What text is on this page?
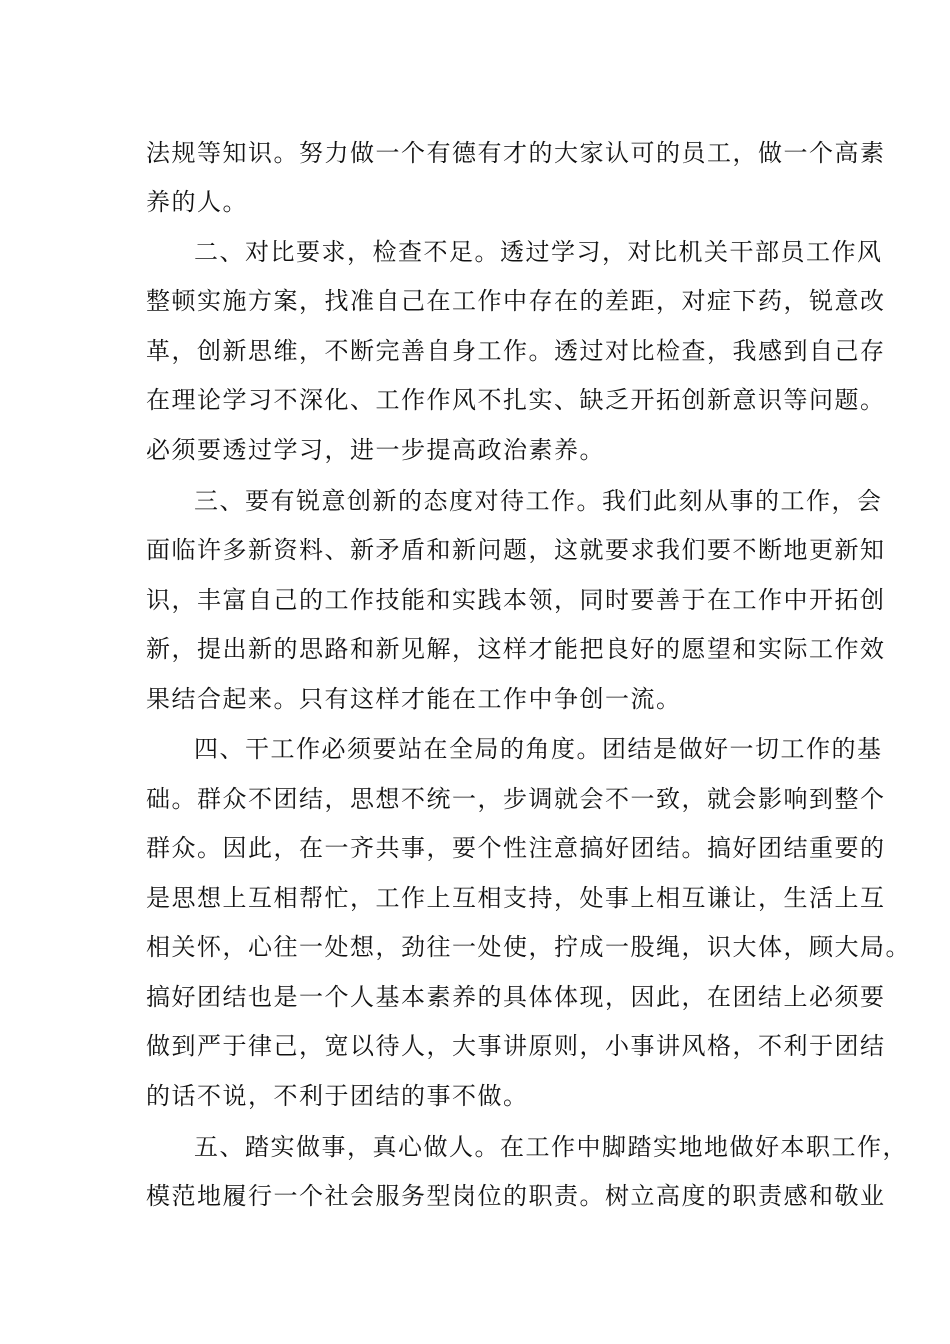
法规等知识。努力做一个有德有才的大家认可的员工，做一个高素
养的人。
二、对比要求，检查不足。透过学习，对比机关干部员工作风
整顿实施方案，找准自己在工作中存在的差距，对症下药，锐意改
革，创新思维，不断完善自身工作。透过对比检查，我感到自己存
在理论学习不深化、工作作风不扎实、缺乏开拓创新意识等问题。
必须要透过学习，进一步提高政治素养。
三、要有锐意创新的态度对待工作。我们此刻从事的工作，会
面临许多新资料、新矛盾和新问题，这就要求我们要不断地更新知
识，丰富自己的工作技能和实践本领，同时要善于在工作中开拓创
新，提出新的思路和新见解，这样才能把良好的愿望和实际工作效
果结合起来。只有这样才能在工作中争创一流。
四、干工作必须要站在全局的角度。团结是做好一切工作的基
础。群众不团结，思想不统一，步调就会不一致，就会影响到整个
群众。因此，在一齐共事，要个性注意搞好团结。搞好团结重要的
是思想上互相帮忙，工作上互相支持，处事上相互谦让，生活上互
相关怀，心往一处想，劲往一处使，拧成一股绳，识大体，顾大局。
搞好团结也是一个人基本素养的具体体现，因此，在团结上必须要
做到严于律己，宽以待人，大事讲原则，小事讲风格，不利于团结
的话不说，不利于团结的事不做。
五、踏实做事，真心做人。在工作中脚踏实地地做好本职工作，
模范地履行一个社会服务型岗位的职责。树立高度的职责感和敬业
